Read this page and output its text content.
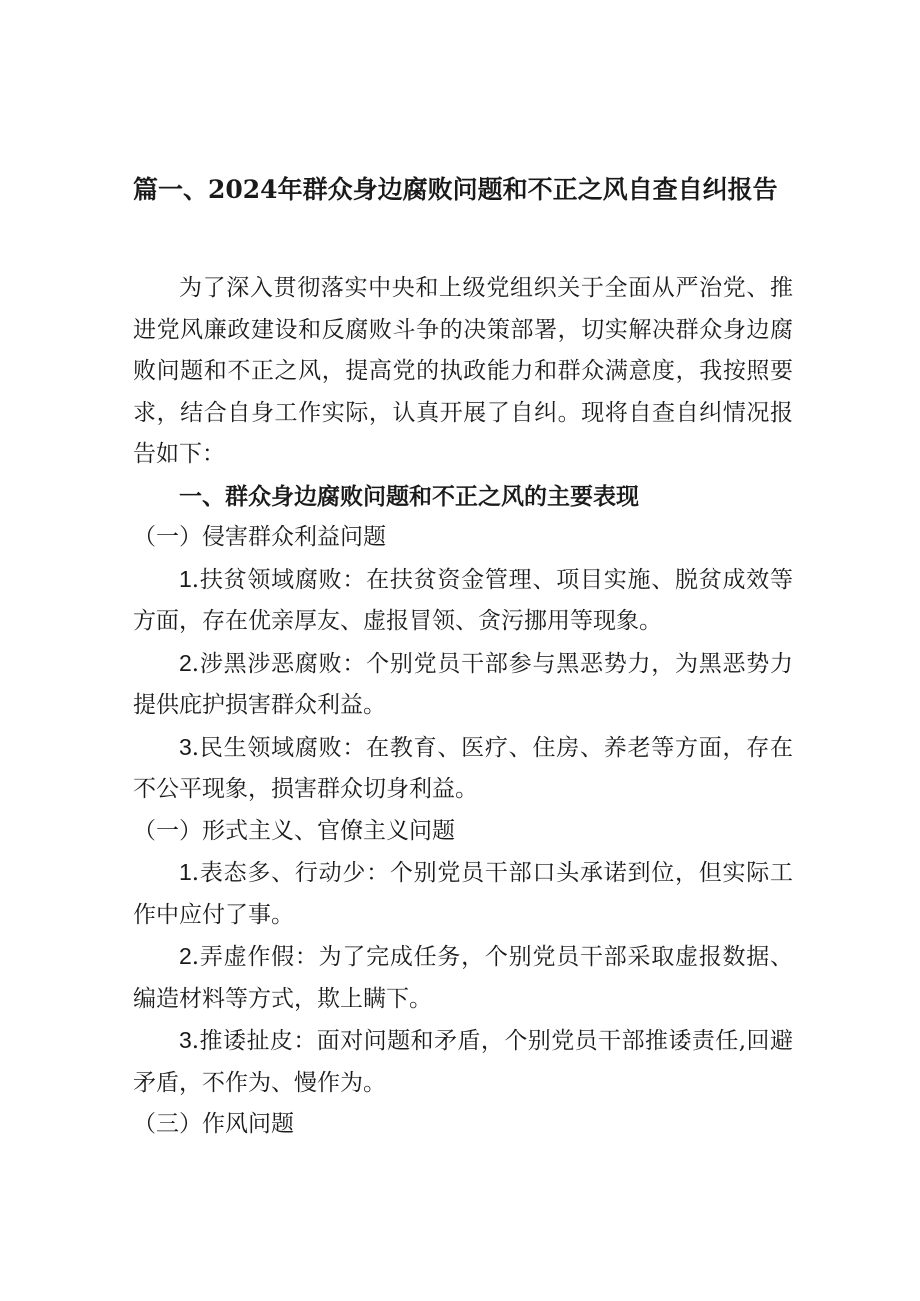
篇一、2024年群众身边腐败问题和不正之风自查自纠报告

为了深入贯彻落实中央和上级党组织关于全面从严治党、推进党风廉政建设和反腐败斗争的决策部署，切实解决群众身边腐败问题和不正之风，提高党的执政能力和群众满意度，我按照要求，结合自身工作实际，认真开展了自纠。现将自查自纠情况报告如下：

一、群众身边腐败问题和不正之风的主要表现

（一）侵害群众利益问题

1.扶贫领域腐败：在扶贫资金管理、项目实施、脱贫成效等方面，存在优亲厚友、虚报冒领、贪污挪用等现象。

2.涉黑涉恶腐败：个别党员干部参与黑恶势力，为黑恶势力提供庇护损害群众利益。

3.民生领域腐败：在教育、医疗、住房、养老等方面，存在不公平现象，损害群众切身利益。

（一）形式主义、官僚主义问题

1.表态多、行动少：个别党员干部口头承诺到位，但实际工作中应付了事。

2.弄虚作假：为了完成任务，个别党员干部采取虚报数据、编造材料等方式，欺上瞒下。

3.推诿扯皮：面对问题和矛盾，个别党员干部推诿责任,回避矛盾，不作为、慢作为。

（三）作风问题
